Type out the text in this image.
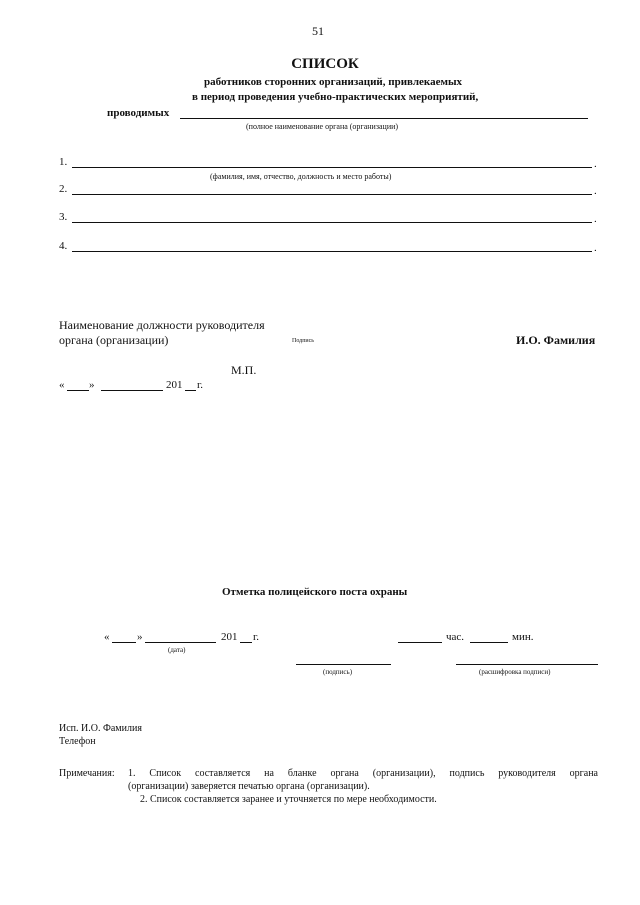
51
СПИСОК
работников сторонних организаций, привлекаемых
в период проведения учебно-практических мероприятий,
проводимых
(полное наименование органа (организации)
1.	.
(фамилия, имя, отчество, должность и место работы)
2.	.
3.	.
4.	.
Наименование должности руководителя
органа (организации)	Подпись	И.О. Фамилия
М.П.
« »	201 г.
Отметка полицейского поста охраны
«	»	201 г.
(дата)
час.	мин.
(подпись)	(расшифровка подписи)
Исп. И.О. Фамилия
Телефон
Примечания: 1. Список составляется на бланке органа (организации), подпись руководителя органа
(организации) заверяется печатью органа (организации).
2. Список составляется заранее и уточняется по мере необходимости.
